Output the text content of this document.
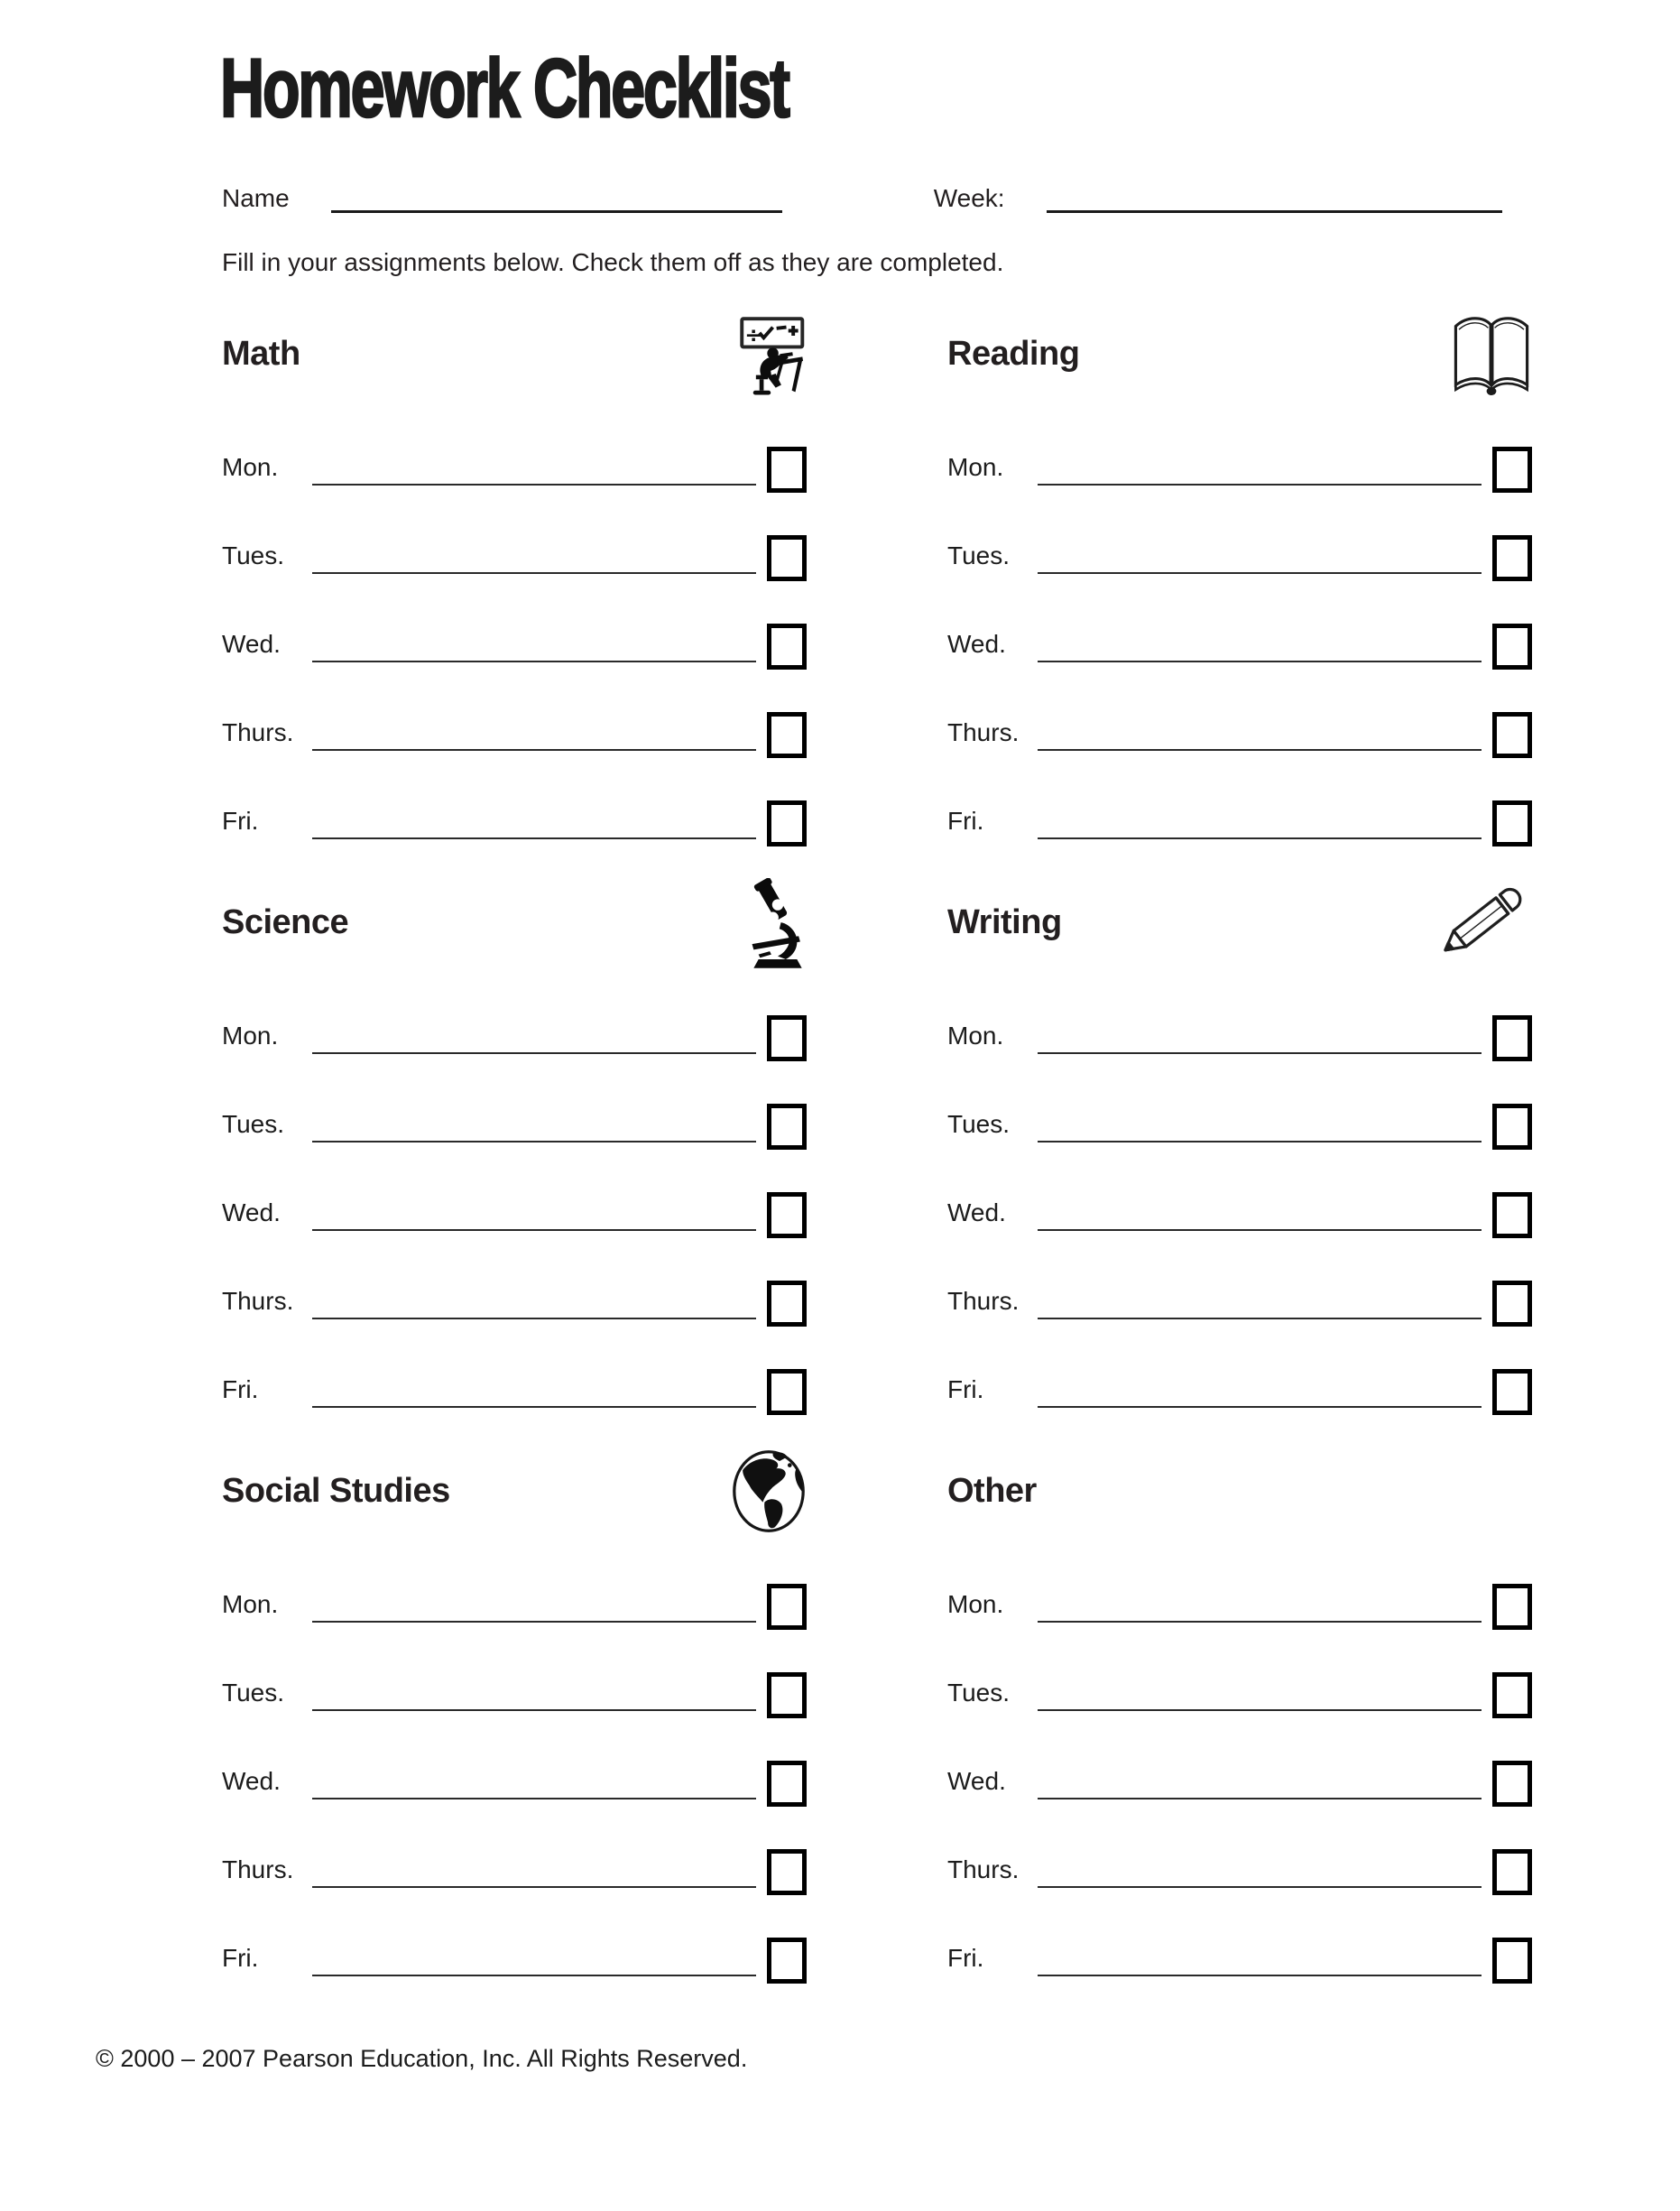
Homework Checklist
Name	Week:

Fill in your assignments below. Check them off as they are completed.

Math
÷
Mon.
Tues.
Wed.
Thurs.
Fri.
Reading
Mon.
Tues.
Wed.
Thurs.
Fri.
Science
Mon.
Tues.
Wed.
Thurs.
Fri.
Writing
Mon.
Tues.
Wed.
Thurs.
Fri.
Social Studies
Mon.
Tues.
Wed.
Thurs.
Fri.
Other
Mon.
Tues.
Wed.
Thurs.
Fri.

© 2000 – 2007 Pearson Education, Inc. All Rights Reserved.
